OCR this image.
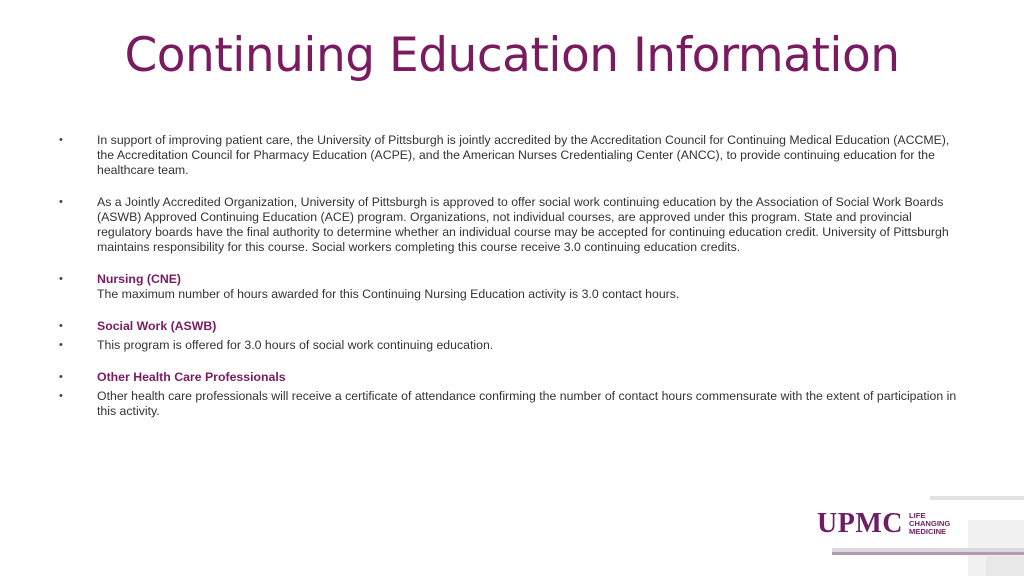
Continuing Education Information
•	In support of improving patient care, the University of Pittsburgh is jointly accredited by the Accreditation Council for Continuing Medical Education (ACCME), the Accreditation Council for Pharmacy Education (ACPE), and the American Nurses Credentialing Center (ANCC), to provide continuing education for the healthcare team.
•	As a Jointly Accredited Organization, University of Pittsburgh is approved to offer social work continuing education by the Association of Social Work Boards (ASWB) Approved Continuing Education (ACE) program. Organizations, not individual courses, are approved under this program. State and provincial regulatory boards have the final authority to determine whether an individual course may be accepted for continuing education credit. University of Pittsburgh maintains responsibility for this course. Social workers completing this course receive 3.0 continuing education credits.
•	Nursing (CNE)
The maximum number of hours awarded for this Continuing Nursing Education activity is 3.0 contact hours.
•	Social Work (ASWB)
•	This program is offered for 3.0 hours of social work continuing education.
•	Other Health Care Professionals
•	Other health care professionals will receive a certificate of attendance confirming the number of contact hours commensurate with the extent of participation in this activity.
UPMC LIFE
CHANGING
MEDICINE
